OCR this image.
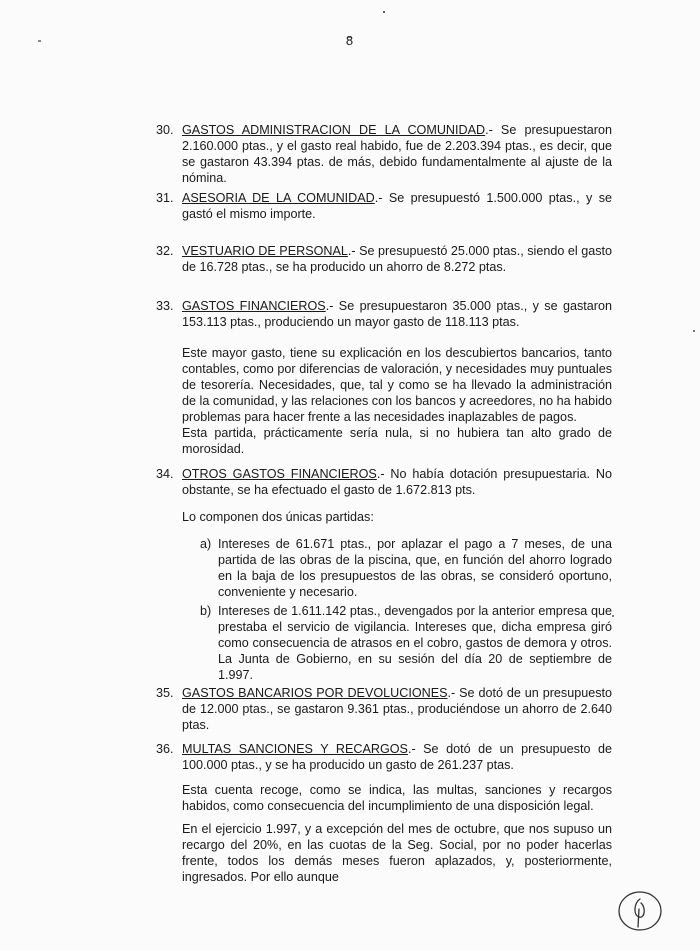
8
30. GASTOS ADMINISTRACION DE LA COMUNIDAD.- Se presupuestaron 2.160.000 ptas., y el gasto real habido, fue de 2.203.394 ptas., es decir, que se gastaron 43.394 ptas. de más, debido fundamentalmente al ajuste de la nómina.
31. ASESORIA DE LA COMUNIDAD.- Se presupuestó 1.500.000 ptas., y se gastó el mismo importe.
32. VESTUARIO DE PERSONAL.- Se presupuestó 25.000 ptas., siendo el gasto de 16.728 ptas., se ha producido un ahorro de 8.272 ptas.
33. GASTOS FINANCIEROS.- Se presupuestaron 35.000 ptas., y se gastaron 153.113 ptas., produciendo un mayor gasto de 118.113 ptas.
Este mayor gasto, tiene su explicación en los descubiertos bancarios, tanto contables, como por diferencias de valoración, y necesidades muy puntuales de tesorería. Necesidades, que, tal y como se ha llevado la administración de la comunidad, y las relaciones con los bancos y acreedores, no ha habido problemas para hacer frente a las necesidades inaplazables de pagos.
Esta partida, prácticamente sería nula, si no hubiera tan alto grado de morosidad.
34. OTROS GASTOS FINANCIEROS.- No había dotación presupuestaria. No obstante, se ha efectuado el gasto de 1.672.813 pts.
Lo componen dos únicas partidas:
a) Intereses de 61.671 ptas., por aplazar el pago a 7 meses, de una partida de las obras de la piscina, que, en función del ahorro logrado en la baja de los presupuestos de las obras, se consideró oportuno, conveniente y necesario.
b) Intereses de 1.611.142 ptas., devengados por la anterior empresa que prestaba el servicio de vigilancia. Intereses que, dicha empresa giró como consecuencia de atrasos en el cobro, gastos de demora y otros. La Junta de Gobierno, en su sesión del día 20 de septiembre de 1.997.
35. GASTOS BANCARIOS POR DEVOLUCIONES.- Se dotó de un presupuesto de 12.000 ptas., se gastaron 9.361 ptas., produciéndose un ahorro de 2.640 ptas.
36. MULTAS SANCIONES Y RECARGOS.- Se dotó de un presupuesto de 100.000 ptas., y se ha producido un gasto de 261.237 ptas.
Esta cuenta recoge, como se indica, las multas, sanciones y recargos habidos, como consecuencia del incumplimiento de una disposición legal.
En el ejercicio 1.997, y a excepción del mes de octubre, que nos supuso un recargo del 20%, en las cuotas de la Seg. Social, por no poder hacerlas frente, todos los demás meses fueron aplazados, y, posteriormente, ingresados. Por ello aunque
